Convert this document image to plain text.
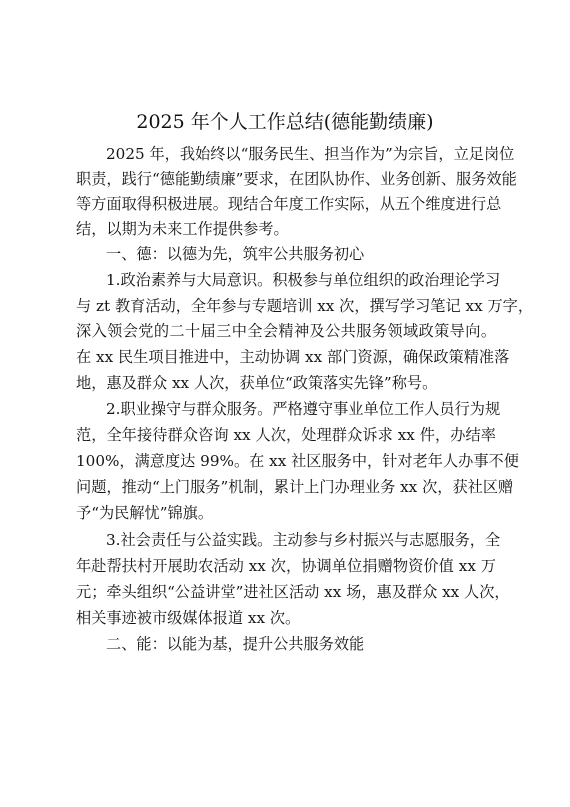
2025 年个人工作总结(德能勤绩廉)
2025 年，我始终以“服务民生、担当作为”为宗旨，立足岗位
职责，践行“德能勤绩廉”要求，在团队协作、业务创新、服务效能
等方面取得积极进展。现结合年度工作实际，从五个维度进行总
结，以期为未来工作提供参考。
一、德：以德为先，筑牢公共服务初心
1.政治素养与大局意识。积极参与单位组织的政治理论学习
与 zt 教育活动，全年参与专题培训 xx 次，撰写学习笔记 xx 万字，
深入领会党的二十届三中全会精神及公共服务领域政策导向。
在 xx 民生项目推进中，主动协调 xx 部门资源，确保政策精准落
地，惠及群众 xx 人次，获单位“政策落实先锋”称号。
2.职业操守与群众服务。严格遵守事业单位工作人员行为规
范，全年接待群众咨询 xx 人次，处理群众诉求 xx 件，办结率
100%，满意度达 99%。在 xx 社区服务中，针对老年人办事不便
问题，推动“上门服务”机制，累计上门办理业务 xx 次，获社区赠
予“为民解忧”锦旗。
3.社会责任与公益实践。主动参与乡村振兴与志愿服务，全
年赴帮扶村开展助农活动 xx 次，协调单位捐赠物资价值 xx 万
元；牵头组织“公益讲堂”进社区活动 xx 场，惠及群众 xx 人次，
相关事迹被市级媒体报道 xx 次。
二、能：以能为基，提升公共服务效能
